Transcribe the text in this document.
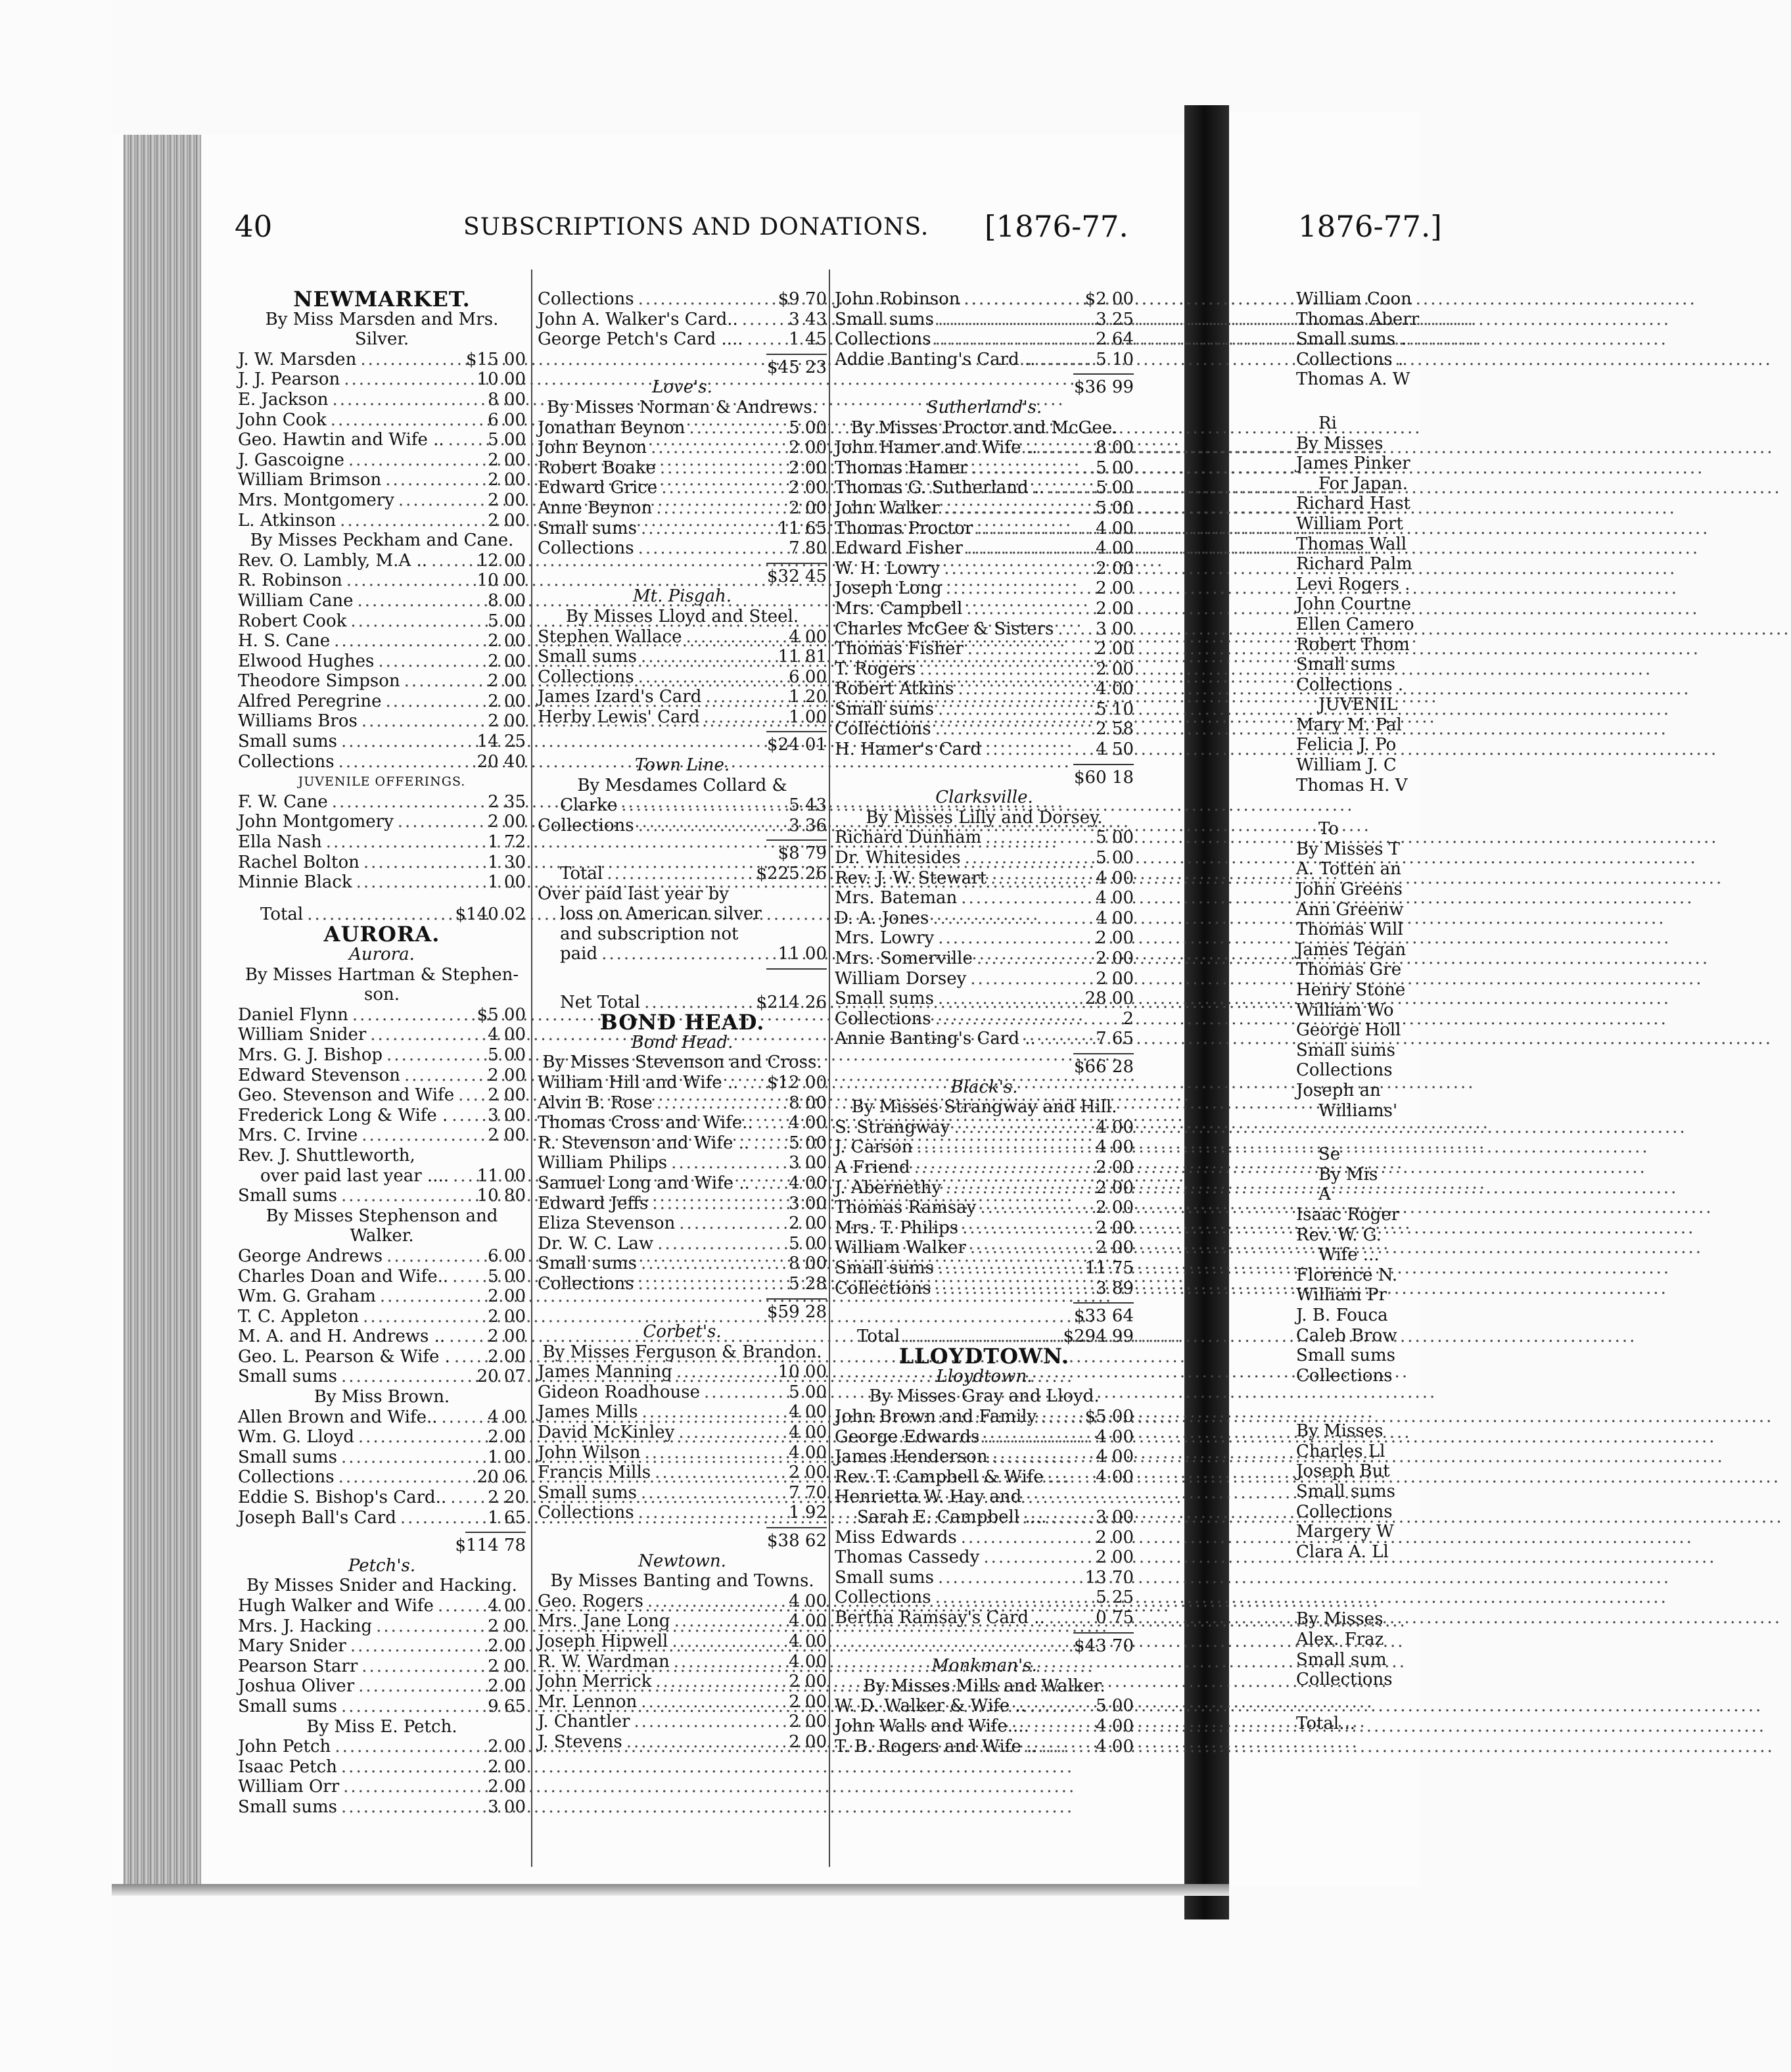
40	SUBSCRIPTIONS AND DONATIONS. [1876-77.	1876-77.]
NEWMARKET.
By Miss Marsden and Mrs.
Silver.
J. W. Marsden .....	$15 00
J. J. Pearson .....	10 00
E. Jackson .....	8 00
John Cook .....	6 00
Geo. Hawtin and Wife .. .....	5 00
J. Gascoigne .....	2 00
William Brimson .....	2 00
Mrs. Montgomery .....	2 00
L. Atkinson .....	2 00
By Misses Peckham and Cane.
Rev. O. Lambly, M.A .. .....	12 00
R. Robinson .....	10 00
William Cane .....	8 00
Robert Cook .....	5 00
H. S. Cane .....	2 00
Elwood Hughes .....	2 00
Theodore Simpson .....	2 00
Alfred Peregrine .....	2 00
Williams Bros .....	2 00
Small sums .....	14 25
Collections .....	20 40
JUVENILE OFFERINGS.
F. W. Cane .....	2 35
John Montgomery .....	2 00
Ella Nash .....	1 72
Rachel Bolton .....	1 30
Minnie Black .....	1 00
Total .....	$140 02
AURORA.
Aurora.
By Misses Hartman & Stephen-
son.
Daniel Flynn .....	$5 00
William Snider .....	4 00
Mrs. G. J. Bishop .....	5 00
Edward Stevenson .....	2 00
Geo. Stevenson and Wife .....	2 00
Frederick Long & Wife . .....	3 00
Mrs. C. Irvine .....	2 00
Rev. J. Shuttleworth,
over paid last year .... .....	11 00
Small sums .....	10 80
By Misses Stephenson and
Walker.
George Andrews .....	6 00
Charles Doan and Wife.. .....	5 00
Wm. G. Graham .....	2 00
T. C. Appleton .....	2 00
M. A. and H. Andrews .. .....	2 00
Geo. L. Pearson & Wife . .....	2 00
Small sums .....	20 07
By Miss Brown.
Allen Brown and Wife.. .....	4 00
Wm. G. Lloyd .....	2 00
Small sums .....	1 00
Collections .....	20 06
Eddie S. Bishop's Card.. .....	2 20
Joseph Ball's Card .....	1 65
$114 78
Petch's.
By Misses Snider and Hacking.
Hugh Walker and Wife .....	4 00
Mrs. J. Hacking .....	2 00
Mary Snider .....	2 00
Pearson Starr .....	2 00
Joshua Oliver .....	2 00
Small sums .....	9 65
By Miss E. Petch.
John Petch .....	2 00
Isaac Petch .....	2 00
William Orr .....	2 00
Small sums .....	3 00
Collections .....	$9 70
John A. Walker's Card.. .....	3 43
George Petch's Card .... .....	1 45
$45 23
Love's.
By Misses Norman & Andrews.
Jonathan Beynon .....	5 00
John Beynon .....	2 00
Robert Boake .....	2 00
Edward Grice .....	2 00
Anne Beynon .....	2 00
Small sums .....	11 65
Collections .....	7 80
$32 45
Mt. Pisgah.
By Misses Lloyd and Steel.
Stephen Wallace .....	4 00
Small sums .....	11 81
Collections .....	6 00
James Izard's Card .....	1 20
Herby Lewis' Card .....	1 00
$24 01
Town Line.
By Mesdames Collard &
Clarke .....	5 43
Collections .....	3 36
$8 79
Total .....	$225 26
Over paid last year by
loss on American silver
and subscription not
paid .....	11 00
Net Total .....	$214 26
BOND HEAD.
Bond Head.
By Misses Stevenson and Cross.
William Hill and Wife .. .....	$12 00
Alvin B. Rose .....	8 00
Thomas Cross and Wife.. .....	4 00
R. Stevenson and Wife .. .....	5 00
William Philips .....	3 00
Samuel Long and Wife .. .....	4 00
Edward Jeffs .....	3 00
Eliza Stevenson .....	2 00
Dr. W. C. Law .....	5 00
Small sums .....	8 00
Collections .....	5 28
$59 28
Corbet's.
By Misses Ferguson & Brandon.
James Manning .....	10 00
Gideon Roadhouse .....	5 00
James Mills .....	4 00
David McKinley .....	4 00
John Wilson .....	4 00
Francis Mills .....	2 00
Small sums .....	7 70
Collections .....	1 92
$38 62
Newtown.
By Misses Banting and Towns.
Geo. Rogers .....	4 00
Mrs. Jane Long .....	4 00
Joseph Hipwell .....	4 00
R. W. Wardman .....	4 00
John Merrick .....	2 00
Mr. Lennon .....	2 00
J. Chantler .....	2 00
J. Stevens .....	2 00
John Robinson .....	$2 00
Small sums .....	3 25
Collections .....	2 64
Addie Banting's Card .. .....	5 10
$36 99
Sutherland's.
By Misses Proctor and McGee.
John Hamer and Wife .. .....	8 00
Thomas Hamer .....	5 00
Thomas G. Sutherland .. .....	5 00
John Walker .....	5 00
Thomas Proctor .....	4 00
Edward Fisher .....	4 00
W. H. Lowry .....	2 00
Joseph Long .....	2 00
Mrs. Campbell .....	2 00
Charles McGee & Sisters .....	3 00
Thomas Fisher .....	2 00
T. Rogers .....	2 00
Robert Atkins .....	4 00
Small sums .....	5 10
Collections .....	2 58
H. Hamer's Card .....	4 50
$60 18
Clarksville.
By Misses Lilly and Dorsey.
Richard Dunham .....	5 00
Dr. Whitesides .....	5 00
Rev. J. W. Stewart .....	4 00
Mrs. Bateman .....	4 00
D. A. Jones .....	4 00
Mrs. Lowry .....	2 00
Mrs. Somerville .....	2 00
William Dorsey .....	2 00
Small sums .....	28 00
Collections .....	2
Annie Banting's Card .. .....	7 65
$66 28
Black's.
By Misses Strangway and Hill.
S. Strangway .....	4 00
J. Carson .....	4 00
A Friend .....	2 00
J. Abernethy .....	2 00
Thomas Ramsay .....	2 00
Mrs. T. Philips .....	2 00
William Walker .....	2 00
Small sums .....	11 75
Collections .....	3 89
$33 64
Total .....	$294 99
LLOYDTOWN.
Lloydtown.
By Misses Gray and Lloyd.
John Brown and Family .....	$5 00
George Edwards .....	4 00
James Henderson .....	4 00
Rev. T. Campbell & Wife .....	4 00
Henrietta W. Hay and
Sarah E. Campbell .... .....	3 00
Miss Edwards .....	2 00
Thomas Cassedy .....	2 00
Small sums .....	13 70
Collections .....	5 25
Bertha Ramsay's Card .. .....	0 75
$43 70
Monkman's.
By Misses Mills and Walker.
W. D. Walker & Wife .. .....	5 00
John Walls and Wife.... .....	4 00
T. B. Rogers and Wife .. .....	4 00
William Coon
Thomas Aberr
Small sums .
Collections .
Thomas A. W
Ri
By Misses
James Pinker
For Japan.
Richard Hast
William Port
Thomas Wall
Richard Palm
Levi Rogers .
John Courtne
Ellen Camero
Robert Thom
Small sums
Collections .
JUVENIL
Mary M. Pal
Felicia J. Po
William J. C
Thomas H. V
To
By Misses T
A. Totten an
John Greens
Ann Greenw
Thomas Will
James Tegan
Thomas Gre
Henry Stone
William Wo
George Holl
Small sums
Collections
Joseph an
Williams'
Se
By Mis
A
Isaac Roger
Rev. W. G.
Wife ...
Florence N.
William Pr
J. B. Fouca
Caleb Brow
Small sums
Collections
By Misses
Charles Ll
Joseph But
Small sums
Collections
Margery W
Clara A. Ll
By Misses
Alex. Fraz
Small sum
Collections
Total...
